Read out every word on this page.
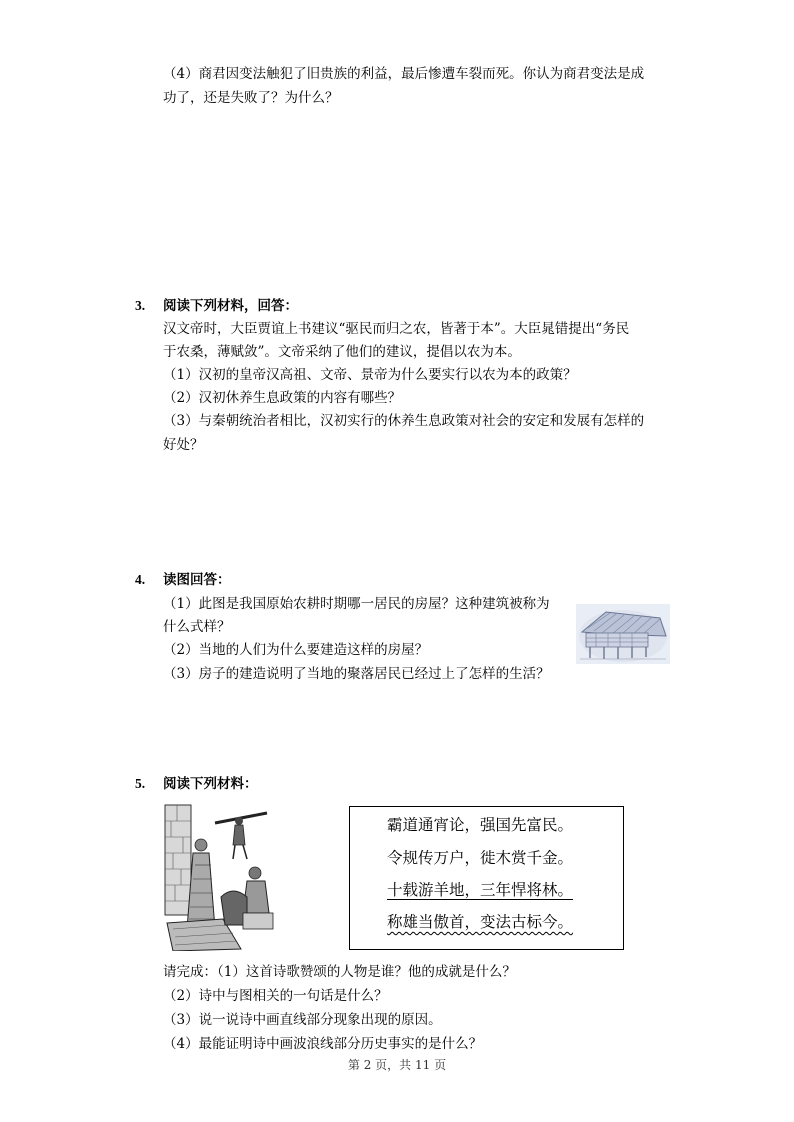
（4）商君因变法触犯了旧贵族的利益，最后惨遭车裂而死。你认为商君变法是成
功了，还是失败了？为什么？
3. 阅读下列材料，回答：
汉文帝时，大臣贾谊上书建议“驱民而归之农，皆著于本”。大臣晁错提出“务民
于农桑，薄赋敛”。文帝采纳了他们的建议，提倡以农为本。
（1）汉初的皇帝汉高祖、文帝、景帝为什么要实行以农为本的政策？
（2）汉初休养生息政策的内容有哪些？
（3）与秦朝统治者相比，汉初实行的休养生息政策对社会的安定和发展有怎样的
好处？
4. 读图回答：
（1）此图是我国原始农耕时期哪一居民的房屋？这种建筑被称为
什么式样？
（2）当地的人们为什么要建造这样的房屋？
（3）房子的建造说明了当地的聚落居民已经过上了怎样的生活？
5. 阅读下列材料：
霸道通宵论，强国先富民。
令规传万户，徙木赏千金。
十载游羊地，三年悍将林。
称雄当傲首，变法古标今。
请完成：（1）这首诗歌赞颂的人物是谁？他的成就是什么？
（2）诗中与图相关的一句话是什么？
（3）说一说诗中画直线部分现象出现的原因。
（4）最能证明诗中画波浪线部分历史事实的是什么？
第 2 页，共 11 页
